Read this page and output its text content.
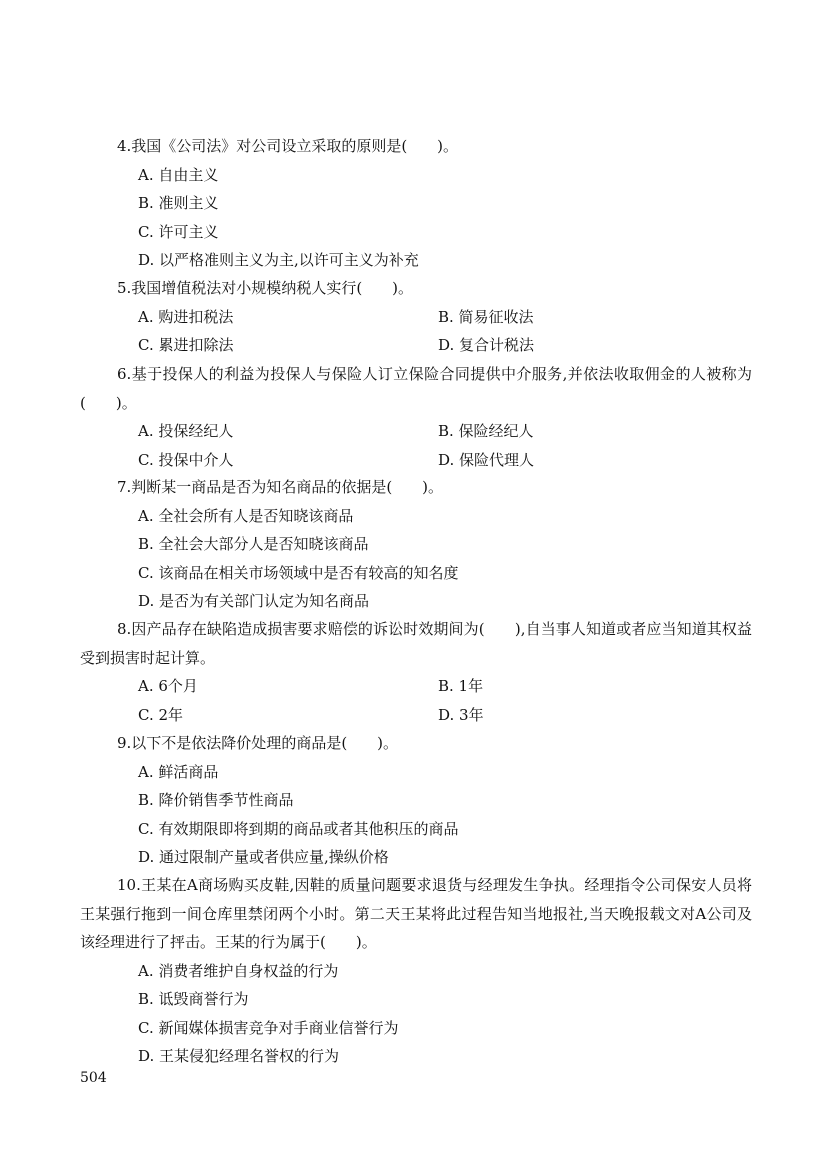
4.我国《公司法》对公司设立采取的原则是(　　)。
A. 自由主义
B. 准则主义
C. 许可主义
D. 以严格准则主义为主,以许可主义为补充
5.我国增值税法对小规模纳税人实行(　　)。
A. 购进扣税法	B. 简易征收法
C. 累进扣除法	D. 复合计税法
6.基于投保人的利益为投保人与保险人订立保险合同提供中介服务,并依法收取佣金的人被称为(　　)。
A. 投保经纪人	B. 保险经纪人
C. 投保中介人	D. 保险代理人
7.判断某一商品是否为知名商品的依据是(　　)。
A. 全社会所有人是否知晓该商品
B. 全社会大部分人是否知晓该商品
C. 该商品在相关市场领域中是否有较高的知名度
D. 是否为有关部门认定为知名商品
8.因产品存在缺陷造成损害要求赔偿的诉讼时效期间为(　　),自当事人知道或者应当知道其权益受到损害时起计算。
A. 6个月	B. 1年
C. 2年	D. 3年
9.以下不是依法降价处理的商品是(　　)。
A. 鲜活商品
B. 降价销售季节性商品
C. 有效期限即将到期的商品或者其他积压的商品
D. 通过限制产量或者供应量,操纵价格
10.王某在A商场购买皮鞋,因鞋的质量问题要求退货与经理发生争执。经理指令公司保安人员将王某强行拖到一间仓库里禁闭两个小时。第二天王某将此过程告知当地报社,当天晚报载文对A公司及该经理进行了抨击。王某的行为属于(　　)。
A. 消费者维护自身权益的行为
B. 诋毁商誉行为
C. 新闻媒体损害竞争对手商业信誉行为
D. 王某侵犯经理名誉权的行为
504
